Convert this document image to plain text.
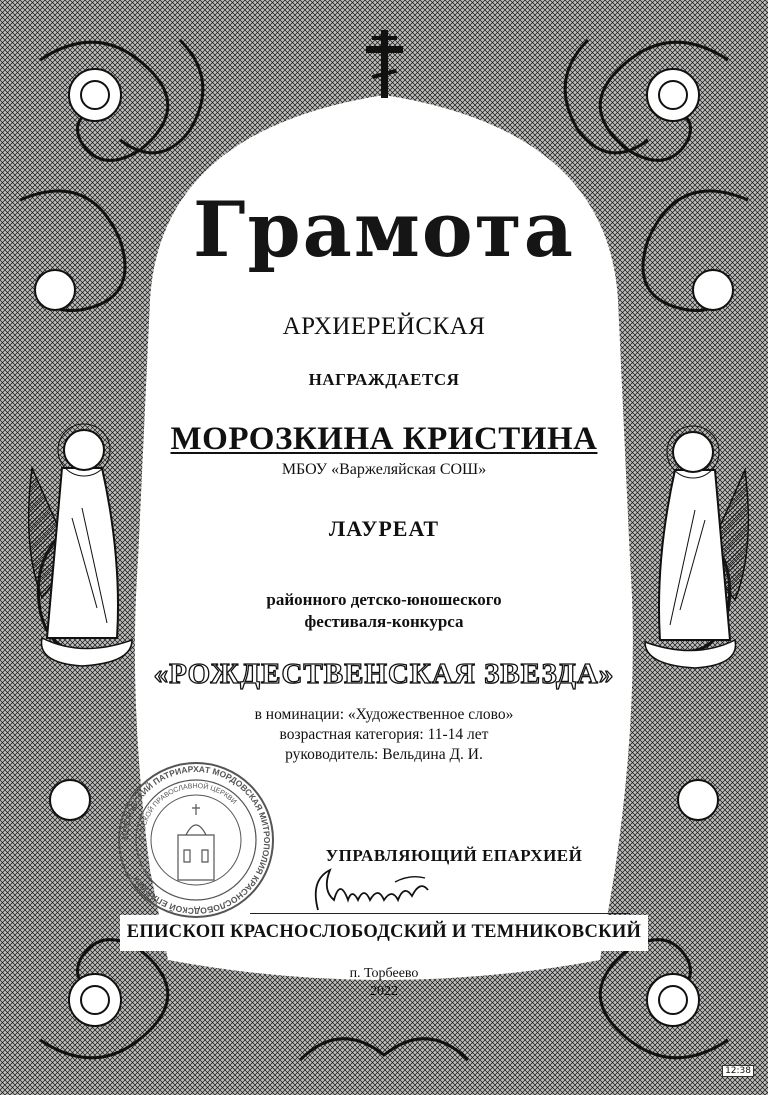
Грамота
АРХИЕРЕЙСКАЯ
НАГРАЖДАЕТСЯ
МОРОЗКИНА КРИСТИНА
МБОУ «Варжеляйская СОШ»
ЛАУРЕАТ
районного детско-юношеского
фестиваля-конкурса
«РОЖДЕСТВЕНСКАЯ ЗВЕЗДА»
в номинации: «Художественное слово»
возрастная категория: 11-14 лет
руководитель: Вельдина Д. И.
МОСКОВСКИЙ ПАТРИАРХАТ МОРДОВСКАЯ МИТРОПОЛИЯ КРАСНОСЛОБОДСКОЙ ЕПАРХИИ
РУССКОЙ ПРАВОСЛАВНОЙ ЦЕРКВИ
УПРАВЛЯЮЩИЙ ЕПАРХИЕЙ
ЕПИСКОП КРАСНОСЛОБОДСКИЙ И ТЕМНИКОВСКИЙ
п. Торбеево
2022
12:38
